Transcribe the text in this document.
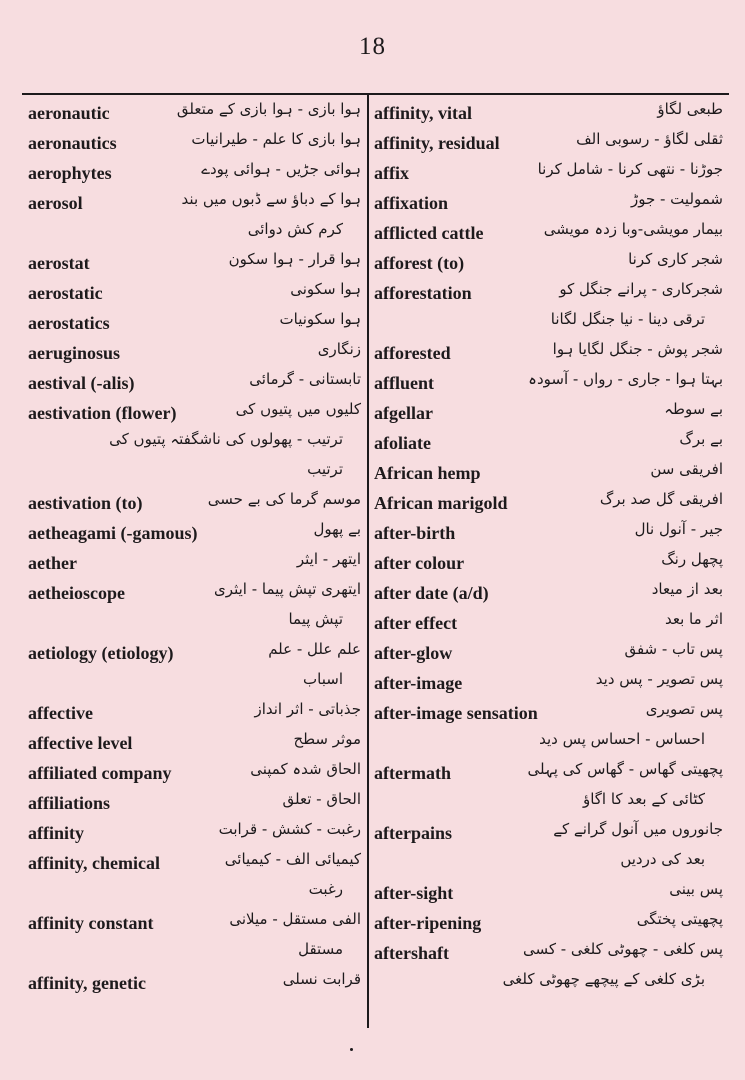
18
aeronautic	ہوا بازی - ہوا بازی کے متعلق
aeronautics	ہوا بازی کا علم - طیرانیات
aerophytes	ہوائی جڑیں - ہوائی پودے
aerosol	ہوا کے دباؤ سے ڈبوں میں بند
کرم کش دوائی
aerostat	ہوا قرار - ہوا سکون
aerostatic	ہوا سکونی
aerostatics	ہوا سکونیات
aeruginosus	زنگاری
aestival (-alis)	تابستانی - گرمائی
aestivation (flower)	کلیوں میں پتیوں کی
ترتیب - پھولوں کی ناشگفتہ پتیوں کی
ترتیب
aestivation (to)	موسم گرما کی بے حسی
aetheagami (-gamous)	بے پھول
aether	ایتھر - ایثر
aetheioscope	ایتھری تپش پیما - ایثری
تپش پیما
aetiology (etiology)	علم علل - علم
اسباب
affective	جذباتی - اثر انداز
affective level	موثر سطح
affiliated company	الحاق شدہ کمپنی
affiliations	الحاق - تعلق
affinity	رغبت - کشش - قرابت
affinity, chemical	کیمیائی الف - کیمیائی
رغبت
affinity constant	الفی مستقل - میلانی
مستقل
affinity, genetic	قرابت نسلی
affinity, vital	طبعی لگاؤ
affinity, residual	ثقلی لگاؤ - رسوبی الف
affix	جوڑنا - نتھی کرنا - شامل کرنا
affixation	شمولیت - جوڑ
afflicted cattle	بیمار مویشی-وبا زدہ مویشی
afforest (to)	شجر کاری کرنا
afforestation	شجرکاری - پرانے جنگل کو
ترقی دینا - نیا جنگل لگانا
afforested	شجر پوش - جنگل لگایا ہوا
affluent	بہتا ہوا - جاری - رواں - آسودہ
afgellar	بے سوطہ
afoliate	بے برگ
African hemp	افریقی سن
African marigold	افریقی گل صد برگ
after-birth	جیر - آنول نال
after colour	پچھل رنگ
after date (a/d)	بعد از میعاد
after effect	اثر ما بعد
after-glow	پس تاب - شفق
after-image	پس تصویر - پس دید
after-image sensation	پس تصویری
احساس - احساس پس دید
aftermath	پچھیتی گھاس - گھاس کی پہلی
کٹائی کے بعد کا اگاؤ
afterpains	جانوروں میں آنول گرانے کے
بعد کی دردیں
after-sight	پس بینی
after-ripening	پچھیتی پختگی
aftershaft	پس کلغی - چھوٹی کلغی - کسی
بڑی کلغی کے پیچھے چھوٹی کلغی
